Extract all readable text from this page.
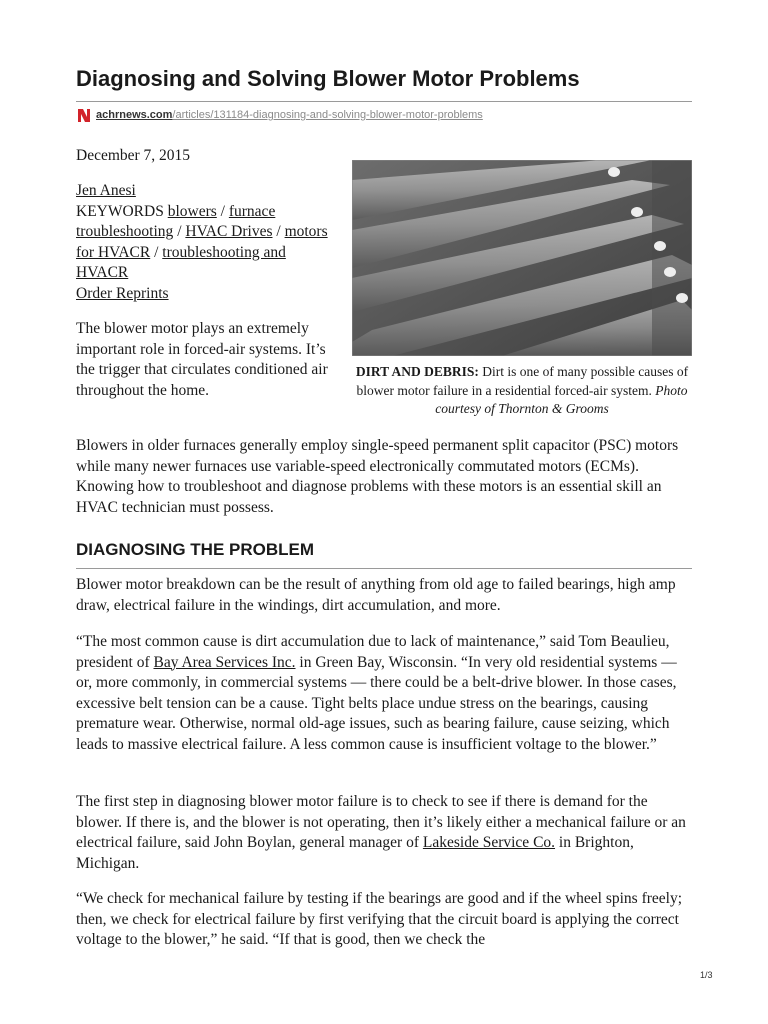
Diagnosing and Solving Blower Motor Problems
achrnews.com /articles/131184-diagnosing-and-solving-blower-motor-problems
December 7, 2015
Jen Anesi
KEYWORDS blowers / furnace troubleshooting / HVAC Drives / motors for HVACR / troubleshooting and HVACR
Order Reprints
The blower motor plays an extremely important role in forced-air systems. It’s the trigger that circulates conditioned air throughout the home.
DIRT AND DEBRIS: Dirt is one of many possible causes of blower motor failure in a residential forced-air system. Photo courtesy of Thornton & Grooms
Blowers in older furnaces generally employ single-speed permanent split capacitor (PSC) motors while many newer furnaces use variable-speed electronically commutated motors (ECMs). Knowing how to troubleshoot and diagnose problems with these motors is an essential skill an HVAC technician must possess.
DIAGNOSING THE PROBLEM
Blower motor breakdown can be the result of anything from old age to failed bearings, high amp draw, electrical failure in the windings, dirt accumulation, and more.
“The most common cause is dirt accumulation due to lack of maintenance,” said Tom Beaulieu, president of Bay Area Services Inc. in Green Bay, Wisconsin. “In very old residential systems — or, more commonly, in commercial systems — there could be a belt-drive blower. In those cases, excessive belt tension can be a cause. Tight belts place undue stress on the bearings, causing premature wear. Otherwise, normal old-age issues, such as bearing failure, cause seizing, which leads to massive electrical failure. A less common cause is insufficient voltage to the blower.”
The first step in diagnosing blower motor failure is to check to see if there is demand for the blower. If there is, and the blower is not operating, then it’s likely either a mechanical failure or an electrical failure, said John Boylan, general manager of Lakeside Service Co. in Brighton, Michigan.
“We check for mechanical failure by testing if the bearings are good and if the wheel spins freely; then, we check for electrical failure by first verifying that the circuit board is applying the correct voltage to the blower,” he said. “If that is good, then we check the
1/3
